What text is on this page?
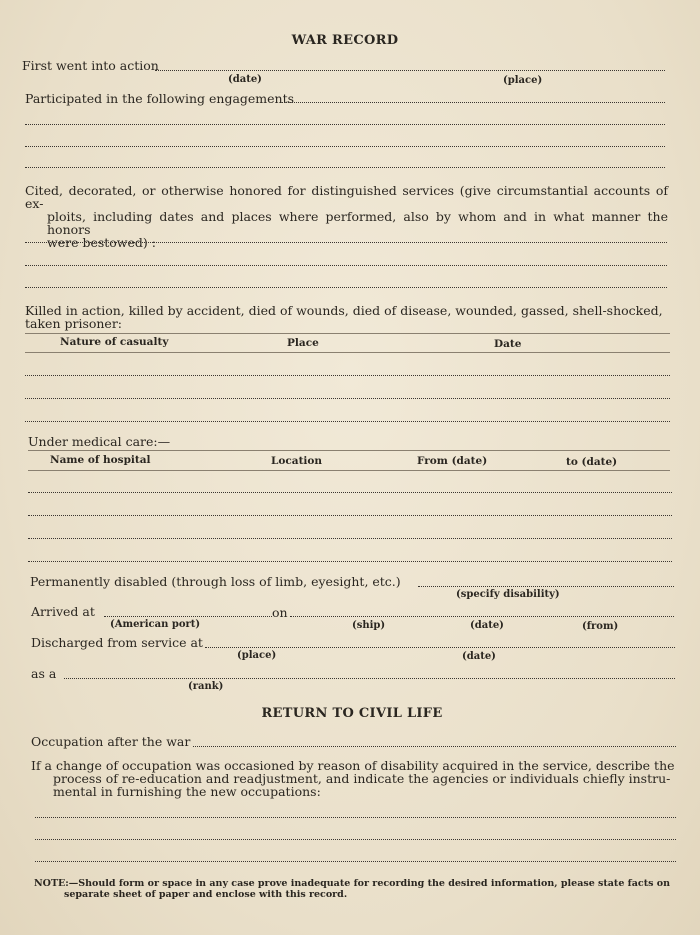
WAR RECORD
First went into action
(date)	(place)
Participated in the following engagements
Cited, decorated, or otherwise honored for distinguished services (give circumstantial accounts of ex-
ploits, including dates and places where performed, also by whom and in what manner the honors
were bestowed) :
Killed in action, killed by accident, died of wounds, died of disease, wounded, gassed, shell-shocked,
taken prisoner:
Nature of casualty	Place	Date
Under medical care:—
Name of hospital	Location	From (date)	to (date)
Permanently disabled (through loss of limb, eyesight, etc.)
(specify disability)
Arrived at	on
(American port)	(ship)	(date)	(from)
Discharged from service at
(place)	(date)
as a
(rank)
RETURN TO CIVIL LIFE
Occupation after the war
If a change of occupation was occasioned by reason of disability acquired in the service, describe the
process of re-education and readjustment, and indicate the agencies or individuals chiefly instru-
mental in furnishing the new occupations:
NOTE:—Should form or space in any case prove inadequate for recording the desired information, please state facts on
separate sheet of paper and enclose with this record.
